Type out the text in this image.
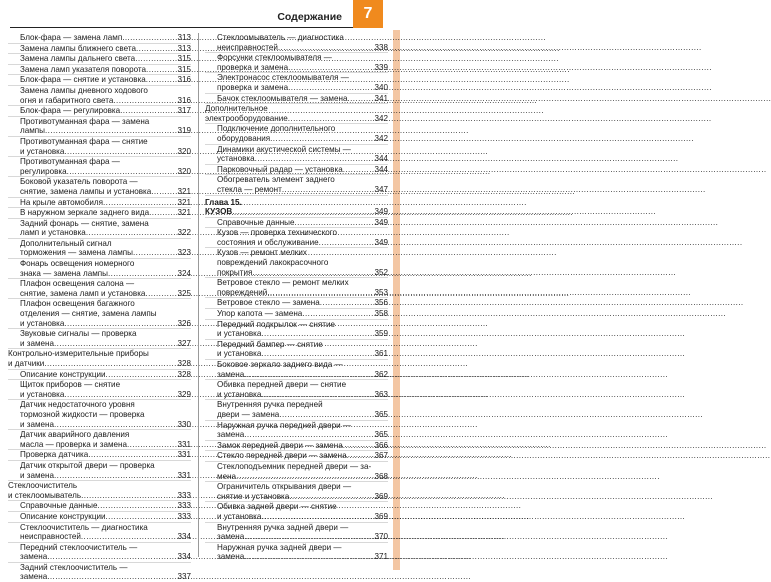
Содержание	7
Блок-фара — замена ламп .....	313
Замена лампы ближнего света .....	313
Замена лампы дальнего света .....	315
Замена ламп указателя поворота .....	315
Блок-фара — снятие и установка .....	316
Замена лампы дневного ходового
огня и габаритного света .....	316
Блок-фара — регулировка .....	317
Противотуманная фара — замена
лампы .....	319
Противотуманная фара — снятие
и установка .....	320
Противотуманная фара —
регулировка .....	320
Боковой указатель поворота —
снятие, замена лампы и установка .....	321
На крыле автомобиля .....	321
В наружном зеркале заднего вида .....	321
Задний фонарь — снятие, замена
ламп и установка .....	322
Дополнительный сигнал
торможения — замена лампы .....	323
Фонарь освещения номерного
знака — замена лампы .....	324
Плафон освещения салона —
снятие, замена ламп и установка .....	325
Плафон освещения багажного
отделения — снятие, замена лампы
и установка .....	326
Звуковые сигналы — проверка
и замена .....	327
Контрольно-измерительные приборы
и датчики .....	328
Описание конструкции .....	328
Щиток приборов — снятие
и установка .....	329
Датчик недостаточного уровня
тормозной жидкости — проверка
и замена .....	330
Датчик аварийного давления
масла — проверка и замена .....	331
Проверка датчика .....	331
Датчик открытой двери — проверка
и замена .....	331
Стеклоочиститель
и стеклоомыватель .....	333
Справочные данные .....	333
Описание конструкции .....	333
Стеклоочиститель — диагностика
неисправностей .....	334
Передний стеклоочиститель —
замена .....	334
Задний стеклоочиститель —
замена .....	337
Стеклоомыватель — диагностика
неисправностей .....	338
Форсунки стеклоомывателя —
проверка и замена .....	339
Электронасос стеклоомывателя —
проверка и замена .....	340
Бачок стеклоомывателя — замена .....	341
Дополнительное
электрооборудование .....	342
Подключение дополнительного
оборудования .....	342
Динамики акустической системы —
установка .....	344
Парковочный радар — установка .....	344
Обогреватель элемент заднего
стекла — ремонт .....	347
Глава 15.
КУЗОВ .....	349
Справочные данные .....	349
Кузов — проверка технического
состояния и обслуживание .....	349
Кузов — ремонт мелких
повреждений лакокрасочного
покрытия .....	352
Ветровое стекло — ремонт мелких
повреждений .....	353
Ветровое стекло — замена .....	356
Упор капота — замена .....	358
Передний подкрылок — снятие
и установка .....	359
Передний бампер — снятие
и установка .....	361
Боковое зеркало заднего вида —
замена .....	362
Обивка передней двери — снятие
и установка .....	363
Внутренняя ручка передней
двери — замена .....	365
Наружная ручка передней двери —
замена .....	365
Замок передней двери — замена .....	366
Стекло передней двери — замена .....	367
Стеклоподъемник передней двери — за-
мена .....	368
Ограничитель открывания двери —
снятие и установка .....	369
Обивка задней двери — снятие
и установка .....	369
Внутренняя ручка задней двери —
замена .....	370
Наружная ручка задней двери —
замена .....	371
